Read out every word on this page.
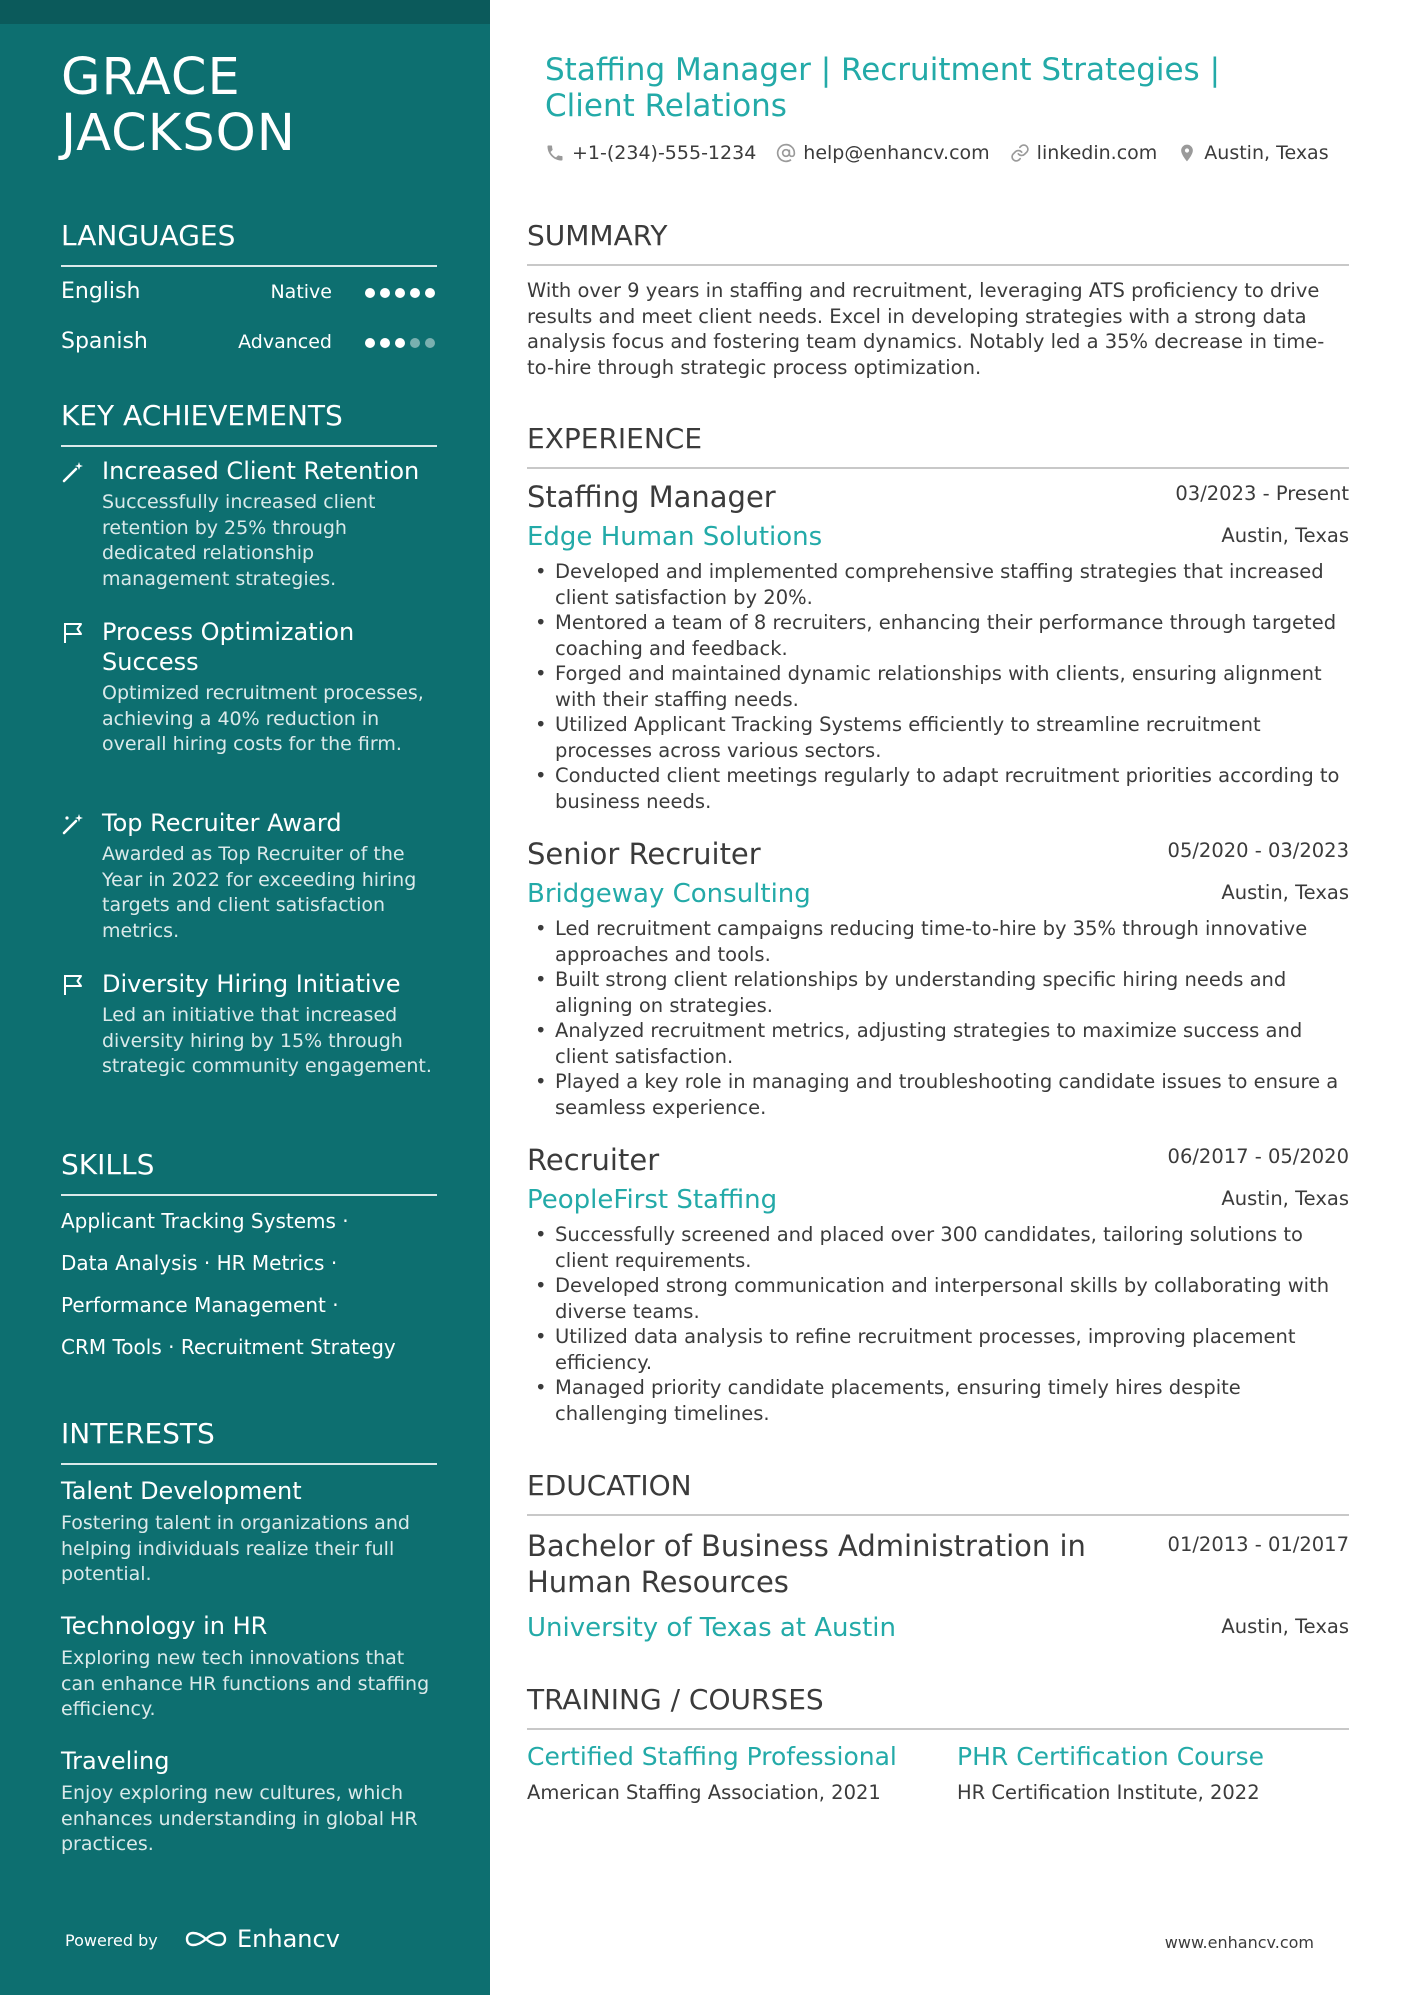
GRACE
JACKSON
LANGUAGES
English	Native
Spanish	Advanced
KEY ACHIEVEMENTS
Increased Client Retention
Successfully increased client retention by 25% through dedicated relationship management strategies.
Process Optimization Success
Optimized recruitment processes, achieving a 40% reduction in overall hiring costs for the firm.
Top Recruiter Award
Awarded as Top Recruiter of the Year in 2022 for exceeding hiring targets and client satisfaction metrics.
Diversity Hiring Initiative
Led an initiative that increased diversity hiring by 15% through strategic community engagement.
SKILLS
Applicant Tracking Systems ·
Data Analysis · HR Metrics ·
Performance Management ·
CRM Tools · Recruitment Strategy
INTERESTS
Talent Development
Fostering talent in organizations and helping individuals realize their full potential.
Technology in HR
Exploring new tech innovations that can enhance HR functions and staffing efficiency.
Traveling
Enjoy exploring new cultures, which enhances understanding in global HR practices.
Powered by	Enhancv
Staffing Manager | Recruitment Strategies | Client Relations
+1-(234)-555-1234 help@enhancv.com linkedin.com Austin, Texas
SUMMARY
With over 9 years in staffing and recruitment, leveraging ATS proficiency to drive results and meet client needs. Excel in developing strategies with a strong data analysis focus and fostering team dynamics. Notably led a 35% decrease in time-to-hire through strategic process optimization.
EXPERIENCE
Staffing Manager	03/2023 - Present
Edge Human Solutions	Austin, Texas
• Developed and implemented comprehensive staffing strategies that increased client satisfaction by 20%.
• Mentored a team of 8 recruiters, enhancing their performance through targeted coaching and feedback.
• Forged and maintained dynamic relationships with clients, ensuring alignment with their staffing needs.
• Utilized Applicant Tracking Systems efficiently to streamline recruitment processes across various sectors.
• Conducted client meetings regularly to adapt recruitment priorities according to business needs.
Senior Recruiter	05/2020 - 03/2023
Bridgeway Consulting	Austin, Texas
• Led recruitment campaigns reducing time-to-hire by 35% through innovative approaches and tools.
• Built strong client relationships by understanding specific hiring needs and aligning on strategies.
• Analyzed recruitment metrics, adjusting strategies to maximize success and client satisfaction.
• Played a key role in managing and troubleshooting candidate issues to ensure a seamless experience.
Recruiter	06/2017 - 05/2020
PeopleFirst Staffing	Austin, Texas
• Successfully screened and placed over 300 candidates, tailoring solutions to client requirements.
• Developed strong communication and interpersonal skills by collaborating with diverse teams.
• Utilized data analysis to refine recruitment processes, improving placement efficiency.
• Managed priority candidate placements, ensuring timely hires despite challenging timelines.
EDUCATION
Bachelor of Business Administration in Human Resources
01/2013 - 01/2017
University of Texas at Austin	Austin, Texas
TRAINING / COURSES
Certified Staffing Professional
American Staffing Association, 2021
PHR Certification Course
HR Certification Institute, 2022
www.enhancv.com
